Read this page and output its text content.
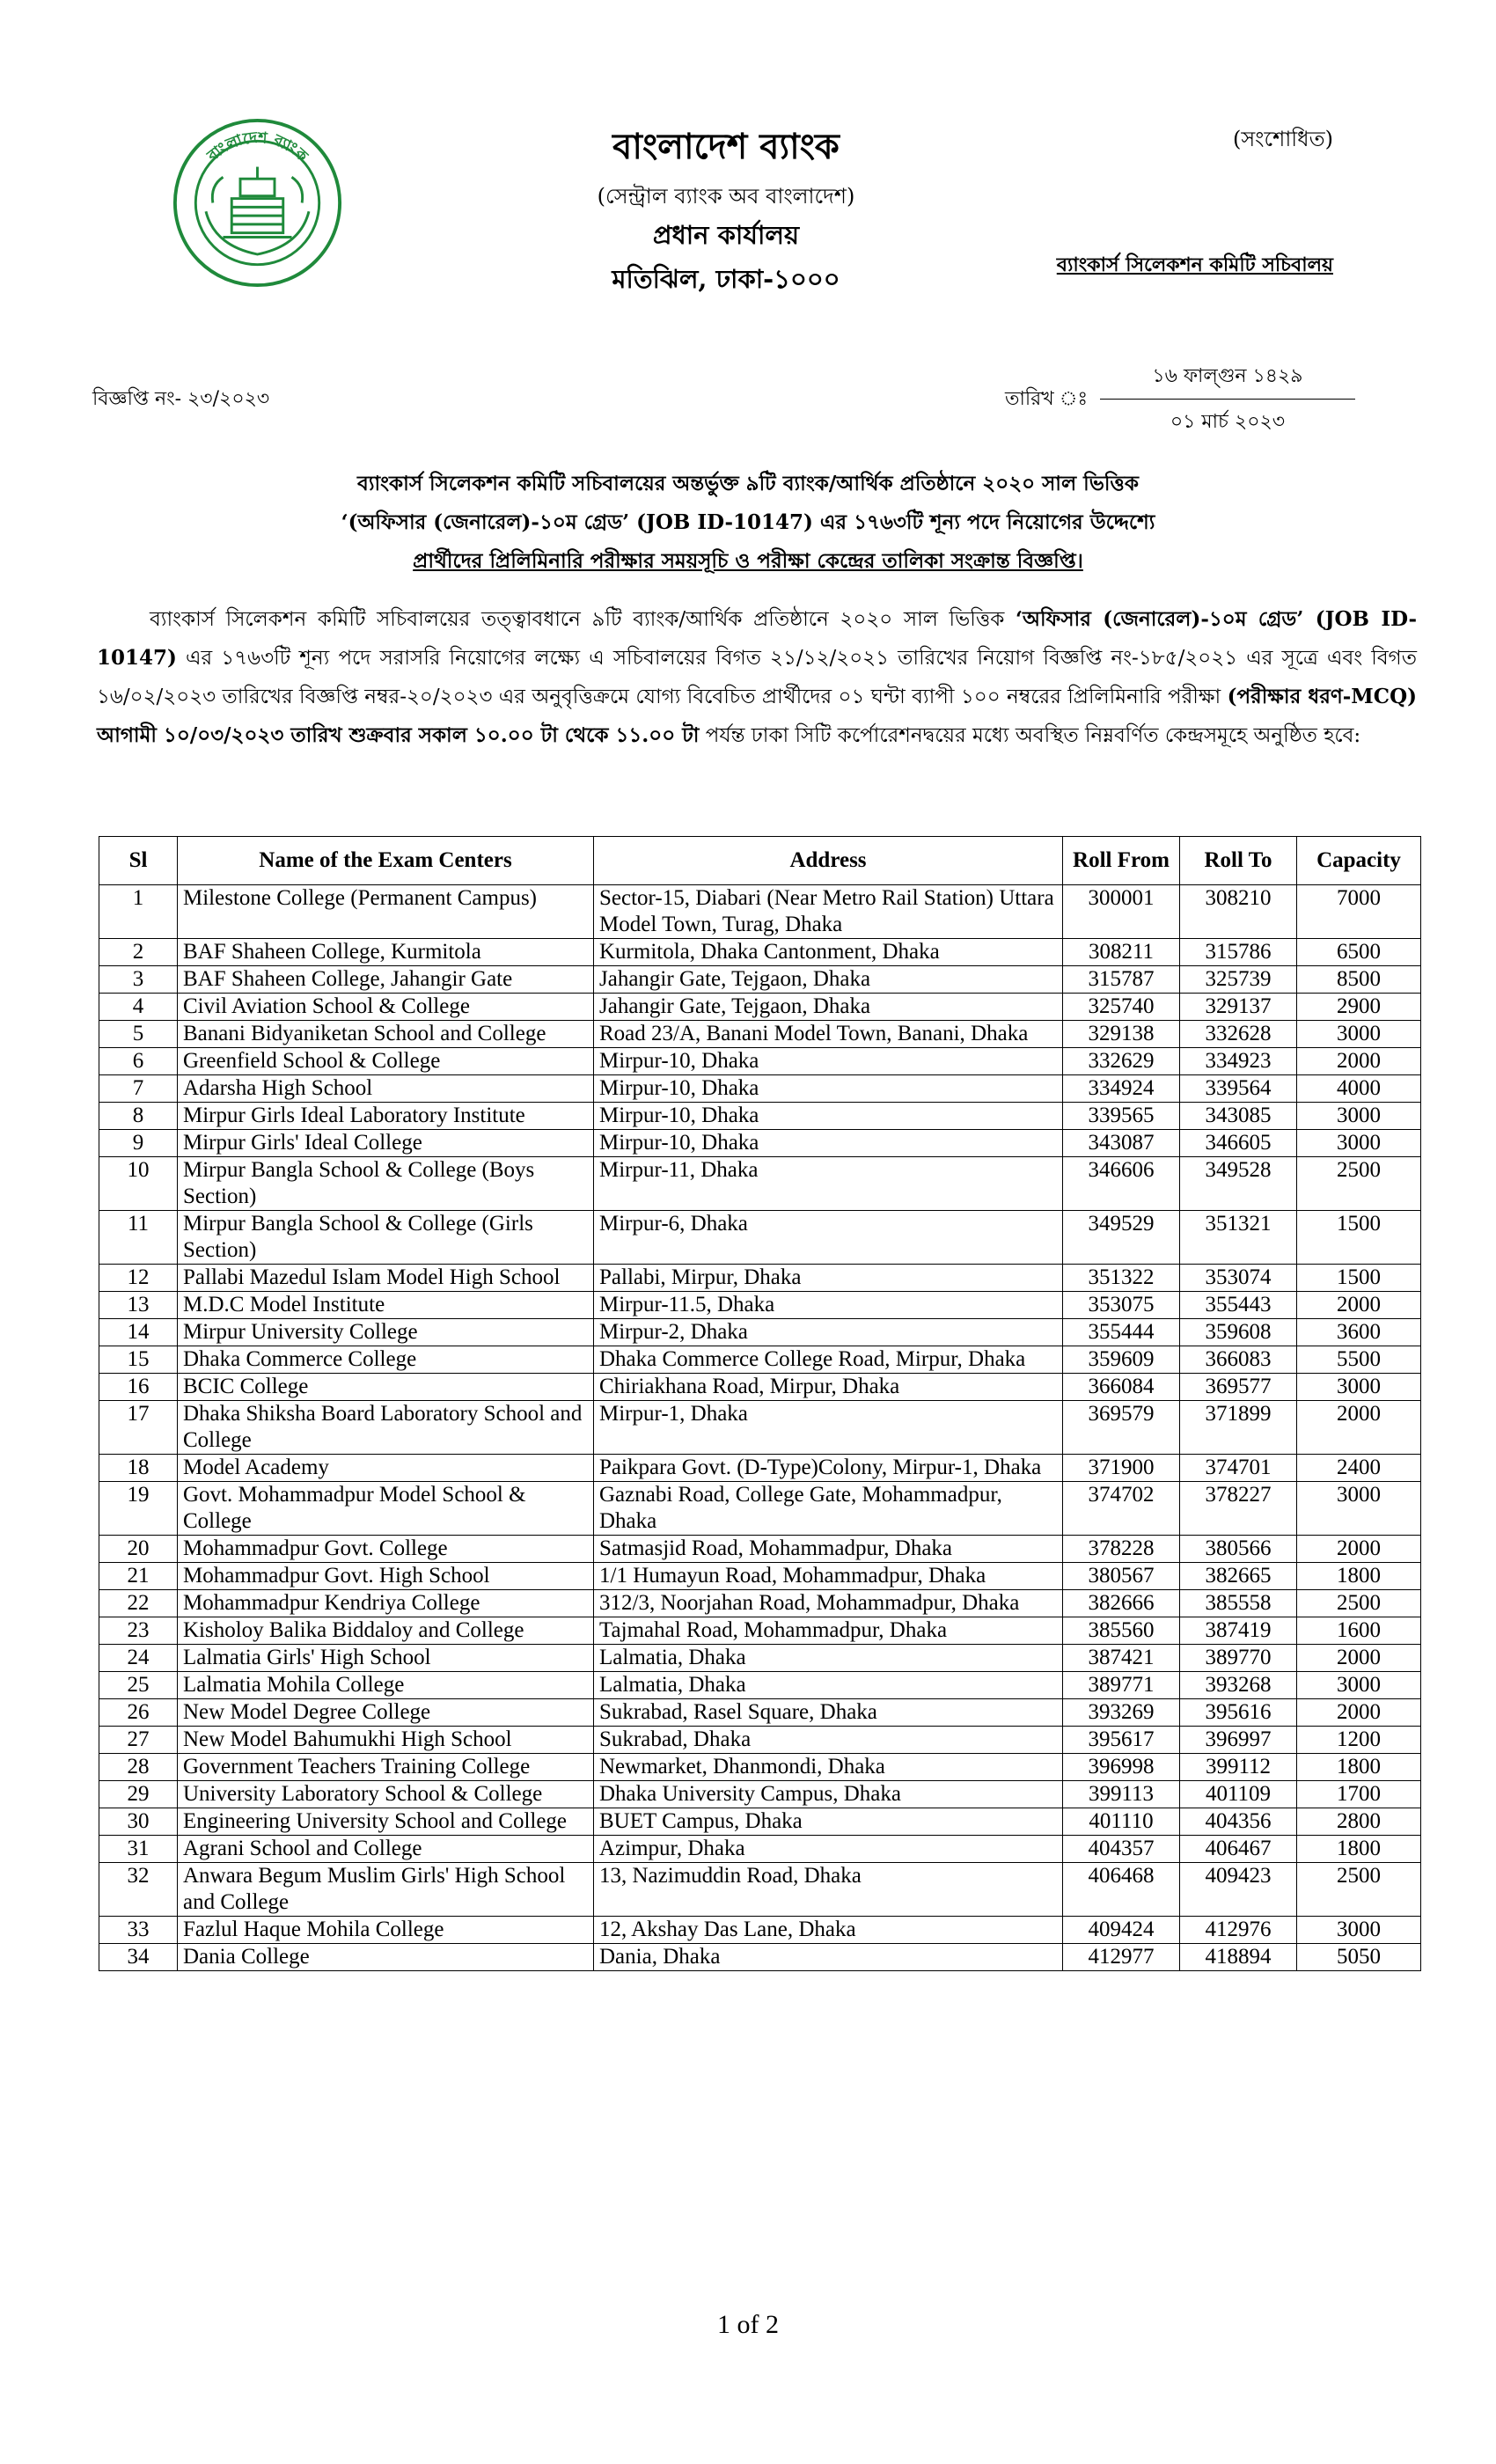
বাংলাদেশ ব্যাংক	বাংলাদেশ ব্যাংক
(সেন্ট্রাল ব্যাংক অব বাংলাদেশ)
প্রধান কার্যালয়
মতিঝিল, ঢাকা-১০০০
(সংশোধিত)
ব্যাংকার্স সিলেকশন কমিটি সচিবালয়
বিজ্ঞপ্তি নং- ২৩/২০২৩	তারিখ ঃ
১৬ ফাল্গুন ১৪২৯
০১ মার্চ ২০২৩
ব্যাংকার্স সিলেকশন কমিটি সচিবালয়ের অন্তর্ভুক্ত ৯টি ব্যাংক/আর্থিক প্রতিষ্ঠানে ২০২০ সাল ভিত্তিক
‘(অফিসার (জেনারেল)-১০ম গ্রেড’ (JOB ID-10147) এর ১৭৬৩টি শূন্য পদে নিয়োগের উদ্দেশ্যে
প্রার্থীদের প্রিলিমিনারি পরীক্ষার সময়সূচি ও পরীক্ষা কেন্দ্রের তালিকা সংক্রান্ত বিজ্ঞপ্তি।
ব্যাংকার্স সিলেকশন কমিটি সচিবালয়ের তত্ত্বাবধানে ৯টি ব্যাংক/আর্থিক প্রতিষ্ঠানে ২০২০ সাল ভিত্তিক ‘অফিসার (জেনারেল)-১০ম গ্রেড’ (JOB ID-10147) এর ১৭৬৩টি শূন্য পদে সরাসরি নিয়োগের লক্ষ্যে এ সচিবালয়ের বিগত ২১/১২/২০২১ তারিখের নিয়োগ বিজ্ঞপ্তি নং-১৮৫/২০২১ এর সূত্রে এবং বিগত ১৬/০২/২০২৩ তারিখের বিজ্ঞপ্তি নম্বর-২০/২০২৩ এর অনুবৃত্তিক্রমে যোগ্য বিবেচিত প্রার্থীদের ০১ ঘন্টা ব্যাপী ১০০ নম্বরের প্রিলিমিনারি পরীক্ষা (পরীক্ষার ধরণ-MCQ) আগামী ১০/০৩/২০২৩ তারিখ শুক্রবার সকাল ১০.০০ টা থেকে ১১.০০ টা পর্যন্ত ঢাকা সিটি কর্পোরেশনদ্বয়ের মধ্যে অবস্থিত নিম্নবর্ণিত কেন্দ্রসমূহে অনুষ্ঠিত হবে:
Sl	Name of the Exam Centers	Address	Roll From	Roll To	Capacity
1	Milestone College (Permanent Campus)	Sector-15, Diabari (Near Metro Rail Station) Uttara Model Town, Turag, Dhaka	300001	308210	7000
2	BAF Shaheen College, Kurmitola	Kurmitola, Dhaka Cantonment, Dhaka	308211	315786	6500
3	BAF Shaheen College, Jahangir Gate	Jahangir Gate, Tejgaon, Dhaka	315787	325739	8500
4	Civil Aviation School & College	Jahangir Gate, Tejgaon, Dhaka	325740	329137	2900
5	Banani Bidyaniketan School and College	Road 23/A, Banani Model Town, Banani, Dhaka	329138	332628	3000
6	Greenfield School & College	Mirpur-10, Dhaka	332629	334923	2000
7	Adarsha High School	Mirpur-10, Dhaka	334924	339564	4000
8	Mirpur Girls Ideal Laboratory Institute	Mirpur-10, Dhaka	339565	343085	3000
9	Mirpur Girls' Ideal College	Mirpur-10, Dhaka	343087	346605	3000
10	Mirpur Bangla School & College (Boys Section)	Mirpur-11, Dhaka	346606	349528	2500
11	Mirpur Bangla School & College (Girls Section)	Mirpur-6, Dhaka	349529	351321	1500
12	Pallabi Mazedul Islam Model High School	Pallabi, Mirpur, Dhaka	351322	353074	1500
13	M.D.C Model Institute	Mirpur-11.5, Dhaka	353075	355443	2000
14	Mirpur University College	Mirpur-2, Dhaka	355444	359608	3600
15	Dhaka Commerce College	Dhaka Commerce College Road, Mirpur, Dhaka	359609	366083	5500
16	BCIC College	Chiriakhana Road, Mirpur, Dhaka	366084	369577	3000
17	Dhaka Shiksha Board Laboratory School and College	Mirpur-1, Dhaka	369579	371899	2000
18	Model Academy	Paikpara Govt. (D-Type)Colony, Mirpur-1, Dhaka	371900	374701	2400
19	Govt. Mohammadpur Model School & College	Gaznabi Road, College Gate, Mohammadpur, Dhaka	374702	378227	3000
20	Mohammadpur Govt. College	Satmasjid Road, Mohammadpur, Dhaka	378228	380566	2000
21	Mohammadpur Govt. High School	1/1 Humayun Road, Mohammadpur, Dhaka	380567	382665	1800
22	Mohammadpur Kendriya College	312/3, Noorjahan Road, Mohammadpur, Dhaka	382666	385558	2500
23	Kisholoy Balika Biddaloy and College	Tajmahal Road, Mohammadpur, Dhaka	385560	387419	1600
24	Lalmatia Girls' High School	Lalmatia, Dhaka	387421	389770	2000
25	Lalmatia Mohila College	Lalmatia, Dhaka	389771	393268	3000
26	New Model Degree College	Sukrabad, Rasel Square, Dhaka	393269	395616	2000
27	New Model Bahumukhi High School	Sukrabad, Dhaka	395617	396997	1200
28	Government Teachers Training College	Newmarket, Dhanmondi, Dhaka	396998	399112	1800
29	University Laboratory School & College	Dhaka University Campus, Dhaka	399113	401109	1700
30	Engineering University School and College	BUET Campus, Dhaka	401110	404356	2800
31	Agrani School and College	Azimpur, Dhaka	404357	406467	1800
32	Anwara Begum Muslim Girls' High School and College	13, Nazimuddin Road, Dhaka	406468	409423	2500
33	Fazlul Haque Mohila College	12, Akshay Das Lane, Dhaka	409424	412976	3000
34	Dania College	Dania, Dhaka	412977	418894	5050
1 of 2
